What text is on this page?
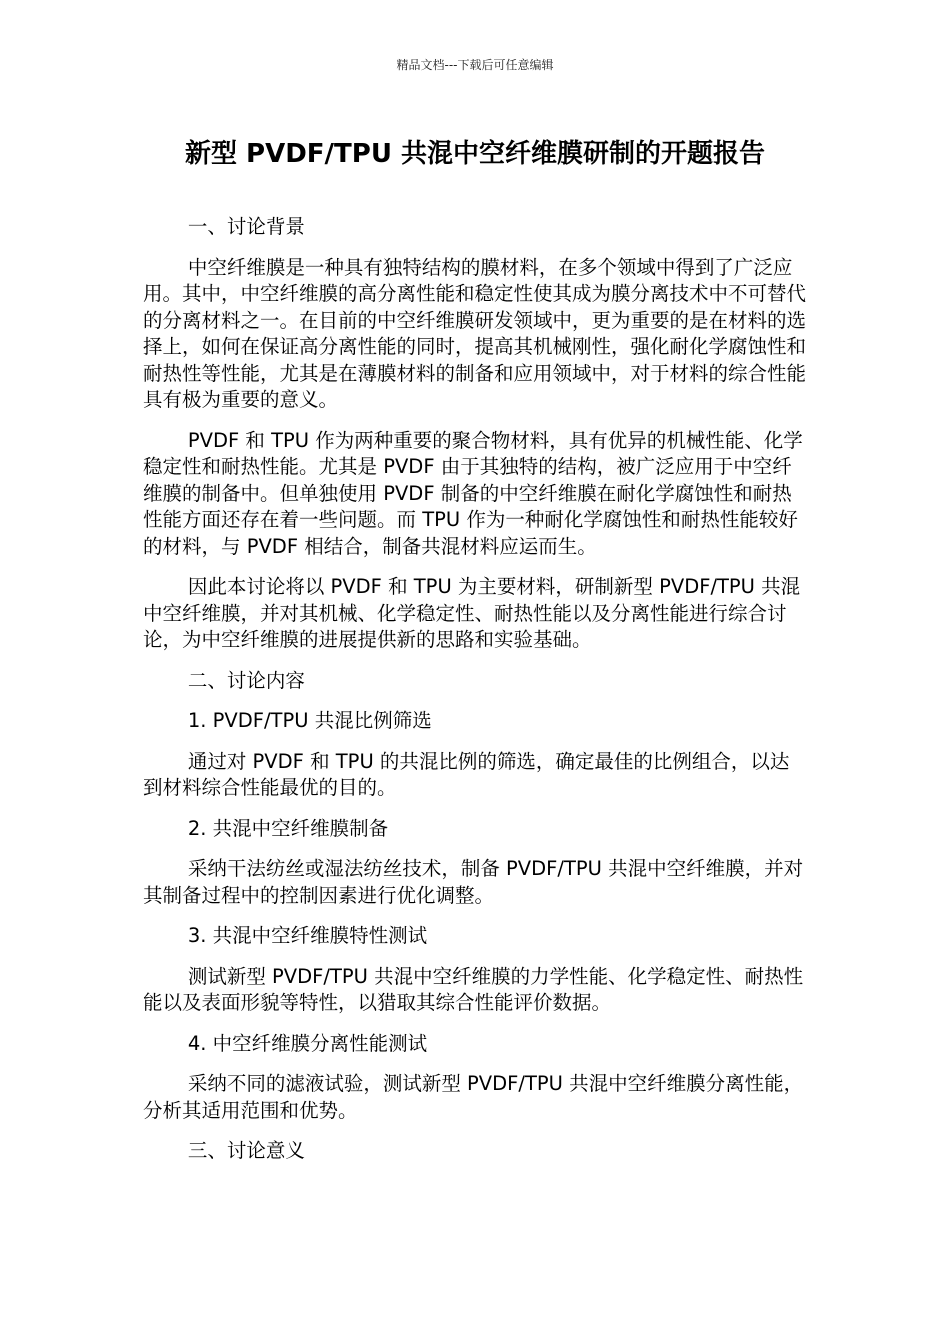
精品文档---下载后可任意编辑
新型 PVDF/TPU 共混中空纤维膜研制的开题报告

一、讨论背景

中空纤维膜是一种具有独特结构的膜材料，在多个领域中得到了广泛应用。其中，中空纤维膜的高分离性能和稳定性使其成为膜分离技术中不可替代的分离材料之一。在目前的中空纤维膜研发领域中，更为重要的是在材料的选择上，如何在保证高分离性能的同时，提高其机械刚性，强化耐化学腐蚀性和耐热性等性能，尤其是在薄膜材料的制备和应用领域中，对于材料的综合性能具有极为重要的意义。

PVDF 和 TPU 作为两种重要的聚合物材料，具有优异的机械性能、化学稳定性和耐热性能。尤其是 PVDF 由于其独特的结构，被广泛应用于中空纤维膜的制备中。但单独使用 PVDF 制备的中空纤维膜在耐化学腐蚀性和耐热性能方面还存在着一些问题。而 TPU 作为一种耐化学腐蚀性和耐热性能较好的材料，与 PVDF 相结合，制备共混材料应运而生。

因此本讨论将以 PVDF 和 TPU 为主要材料，研制新型 PVDF/TPU 共混中空纤维膜，并对其机械、化学稳定性、耐热性能以及分离性能进行综合讨论，为中空纤维膜的进展提供新的思路和实验基础。

二、讨论内容

1. PVDF/TPU 共混比例筛选

通过对 PVDF 和 TPU 的共混比例的筛选，确定最佳的比例组合，以达到材料综合性能最优的目的。

2. 共混中空纤维膜制备

采纳干法纺丝或湿法纺丝技术，制备 PVDF/TPU 共混中空纤维膜，并对其制备过程中的控制因素进行优化调整。

3. 共混中空纤维膜特性测试

测试新型 PVDF/TPU 共混中空纤维膜的力学性能、化学稳定性、耐热性能以及表面形貌等特性，以猎取其综合性能评价数据。

4. 中空纤维膜分离性能测试

采纳不同的滤液试验，测试新型 PVDF/TPU 共混中空纤维膜分离性能，分析其适用范围和优势。

三、讨论意义
